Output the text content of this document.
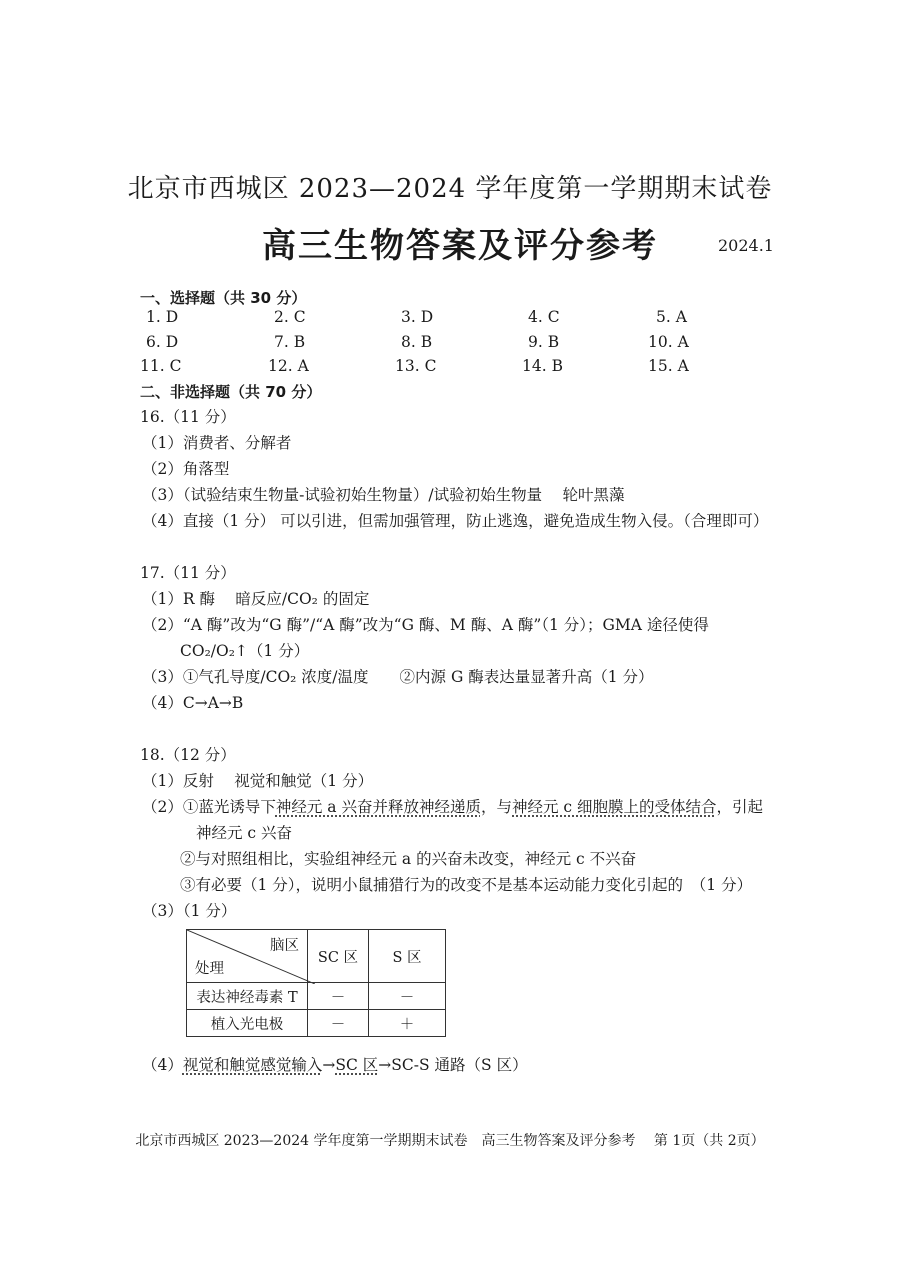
北京市西城区 2023—2024 学年度第一学期期末试卷
高三生物答案及评分参考	2024.1
一、选择题（共 30 分）
1. D	2. C	3. D	4. C	5. A
6. D	7. B	8. B	9. B	10. A
11. C	12. A	13. C	14. B	15. A
二、非选择题（共 70 分）
16.（11 分）
（1）消费者、分解者
（2）角落型
（3）（试验结束生物量-试验初始生物量）/试验初始生物量　 轮叶黑藻
（4）直接（1 分） 可以引进，但需加强管理，防止逃逸，避免造成生物入侵。（合理即可）
17.（11 分）
（1）R 酶　 暗反应/CO₂ 的固定
（2）“A 酶”改为“G 酶”/“A 酶”改为“G 酶、M 酶、A 酶”（1 分）；GMA 途径使得
CO₂/O₂↑（1 分）
（3）①气孔导度/CO₂ 浓度/温度　　②内源 G 酶表达量显著升高（1 分）
（4）C→A→B
18.（12 分）
（1）反射　 视觉和触觉（1 分）
（2）①蓝光诱导下神经元 a 兴奋并释放神经递质，与神经元 c 细胞膜上的受体结合，引起
神经元 c 兴奋
②与对照组相比，实验组神经元 a 的兴奋未改变，神经元 c 不兴奋
③有必要（1 分），说明小鼠捕猎行为的改变不是基本运动能力变化引起的　（1 分）
（3）（1 分）
脑区
处理	SC 区	S 区
表达神经毒素 T	－	－
植入光电极	－	＋
（4）视觉和触觉感觉输入→SC 区→SC-S 通路（S 区）
北京市西城区 2023—2024 学年度第一学期期末试卷　高三生物答案及评分参考　 第 1页（共 2页）
